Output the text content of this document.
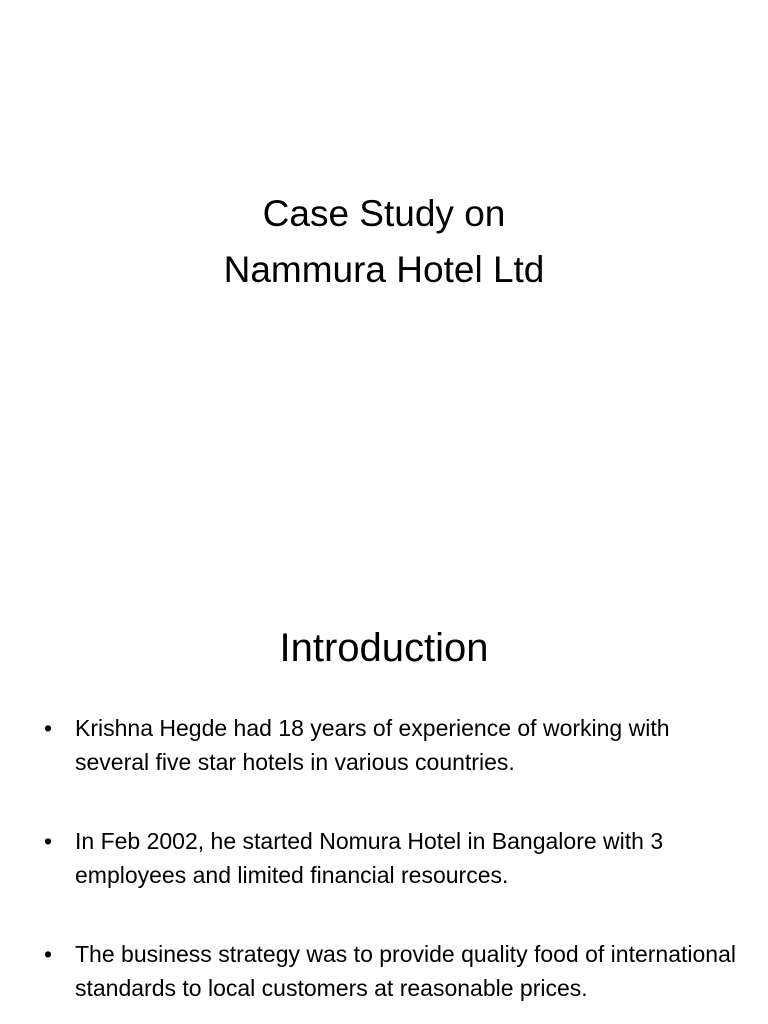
Case Study on
Nammura Hotel Ltd
Introduction
• Krishna Hegde had 18 years of experience of working with several five star hotels in various countries.
• In Feb 2002, he started Nomura Hotel in Bangalore with 3 employees and limited financial resources.
• The business strategy was to provide quality food of international standards to local customers at reasonable prices.
